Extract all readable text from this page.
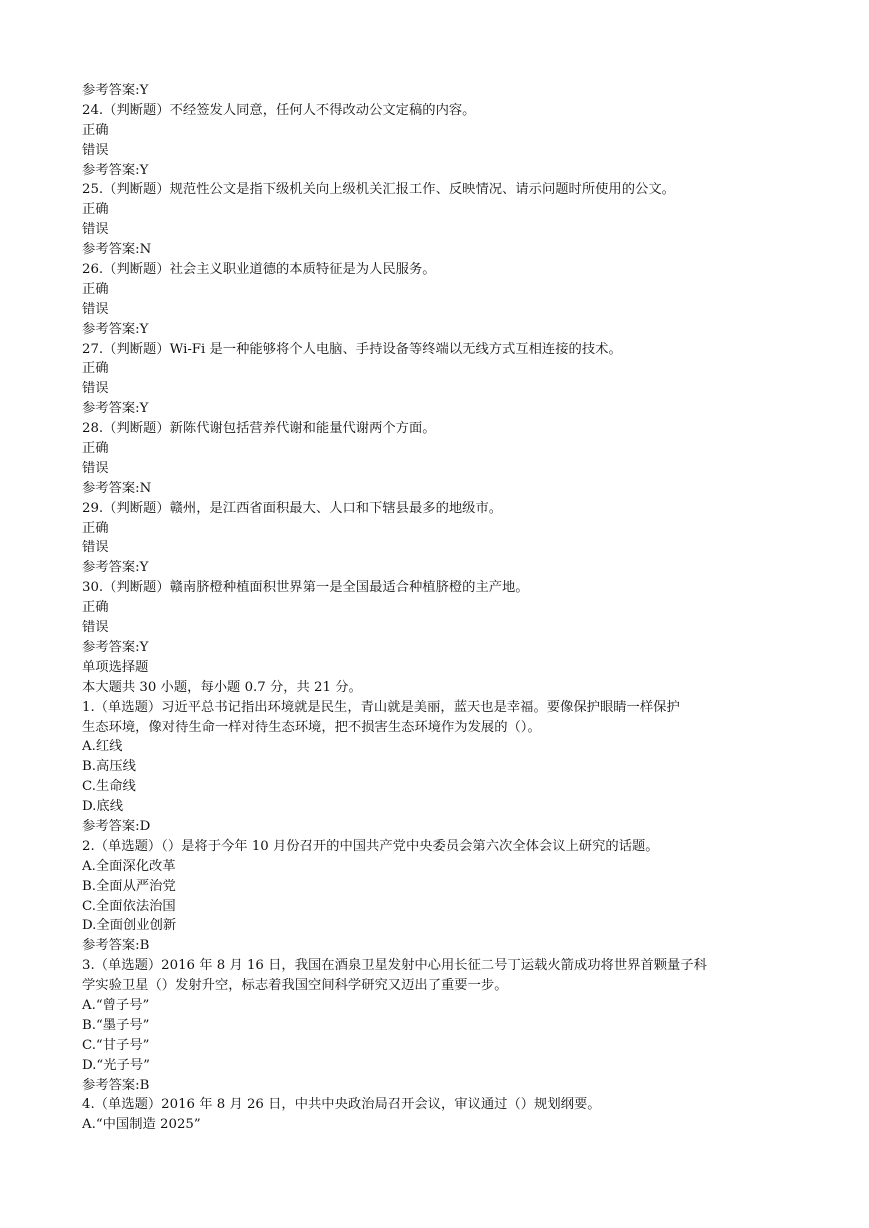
参考答案:Y
24.（判断题）不经签发人同意，任何人不得改动公文定稿的内容。
正确
错误
参考答案:Y
25.（判断题）规范性公文是指下级机关向上级机关汇报工作、反映情况、请示问题时所使用的公文。
正确
错误
参考答案:N
26.（判断题）社会主义职业道德的本质特征是为人民服务。
正确
错误
参考答案:Y
27.（判断题）Wi-Fi 是一种能够将个人电脑、手持设备等终端以无线方式互相连接的技术。
正确
错误
参考答案:Y
28.（判断题）新陈代谢包括营养代谢和能量代谢两个方面。
正确
错误
参考答案:N
29.（判断题）赣州，是江西省面积最大、人口和下辖县最多的地级市。
正确
错误
参考答案:Y
30.（判断题）赣南脐橙种植面积世界第一是全国最适合种植脐橙的主产地。
正确
错误
参考答案:Y
单项选择题
本大题共 30 小题，每小题 0.7 分，共 21 分。
1.（单选题）习近平总书记指出环境就是民生，青山就是美丽，蓝天也是幸福。要像保护眼睛一样保护
生态环境，像对待生命一样对待生态环境，把不损害生态环境作为发展的（）。
A.红线
B.高压线
C.生命线
D.底线
参考答案:D
2.（单选题）（）是将于今年 10 月份召开的中国共产党中央委员会第六次全体会议上研究的话题。
A.全面深化改革
B.全面从严治党
C.全面依法治国
D.全面创业创新
参考答案:B
3.（单选题）2016 年 8 月 16 日，我国在酒泉卫星发射中心用长征二号丁运载火箭成功将世界首颗量子科
学实验卫星（）发射升空，标志着我国空间科学研究又迈出了重要一步。
A.“曾子号”
B.“墨子号”
C.“甘子号”
D.“光子号”
参考答案:B
4.（单选题）2016 年 8 月 26 日，中共中央政治局召开会议，审议通过（）规划纲要。
A.“中国制造 2025”
